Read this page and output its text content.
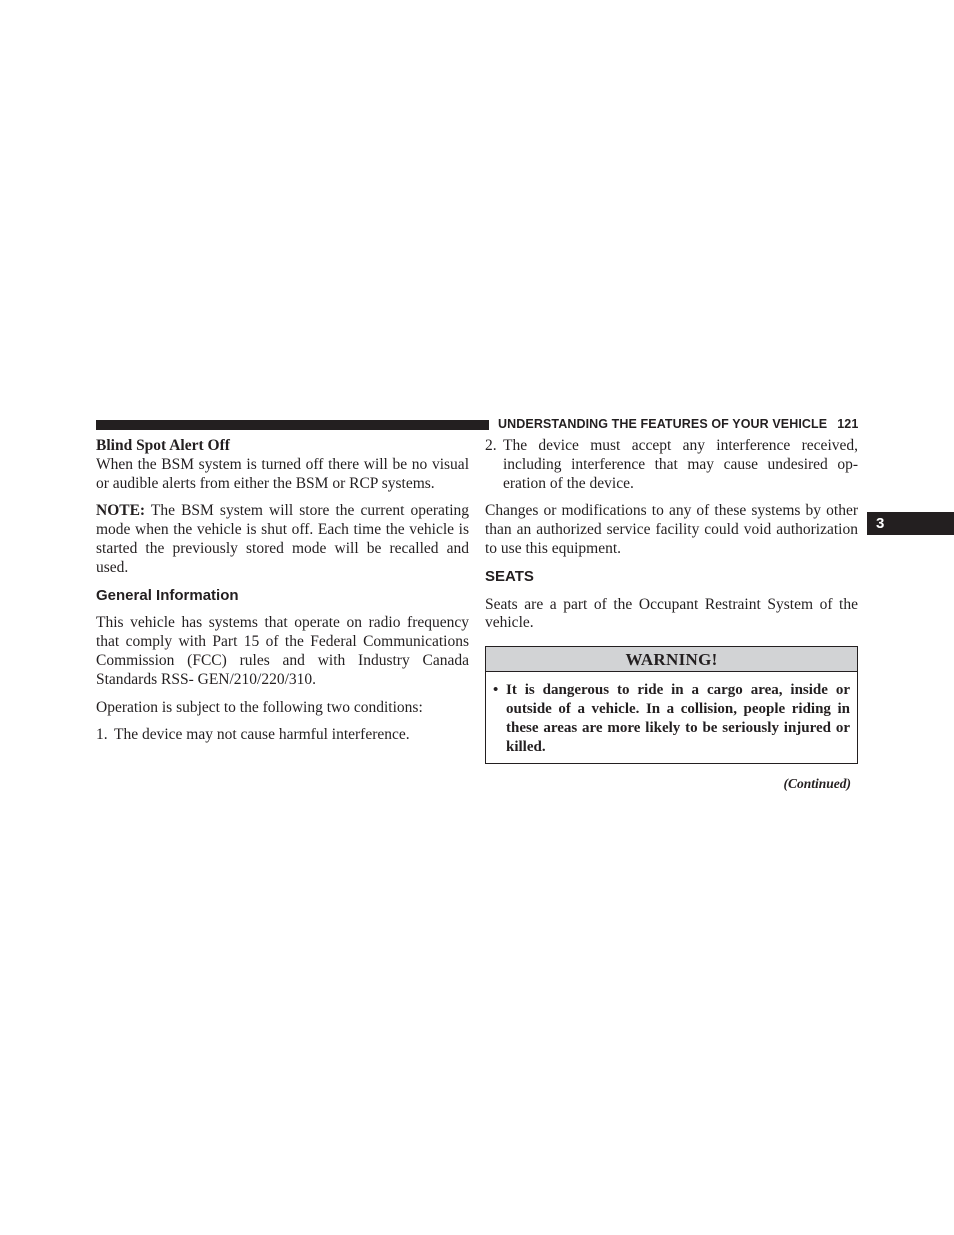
UNDERSTANDING THE FEATURES OF YOUR VEHICLE 121
3

Blind Spot Alert Off

When the BSM system is turned off there will be no visual or audible alerts from either the BSM or RCP systems.

NOTE: The BSM system will store the current operating mode when the vehicle is shut off. Each time the vehicle is started the previously stored mode will be recalled and used.

General Information

This vehicle has systems that operate on radio frequency that comply with Part 15 of the Federal Communications Commission (FCC) rules and with Industry Canada Standards RSS- GEN/210/220/310.

Operation is subject to the following two conditions:

1. The device may not cause harmful interference.
2. The device must accept any interference received, including interference that may cause undesired op-eration of the device.

Changes or modifications to any of these systems by other than an authorized service facility could void authorization to use this equipment.

SEATS

Seats are a part of the Occupant Restraint System of the vehicle.

WARNING!
• It is dangerous to ride in a cargo area, inside or outside of a vehicle. In a collision, people riding in these areas are more likely to be seriously injured or killed.
(Continued)
